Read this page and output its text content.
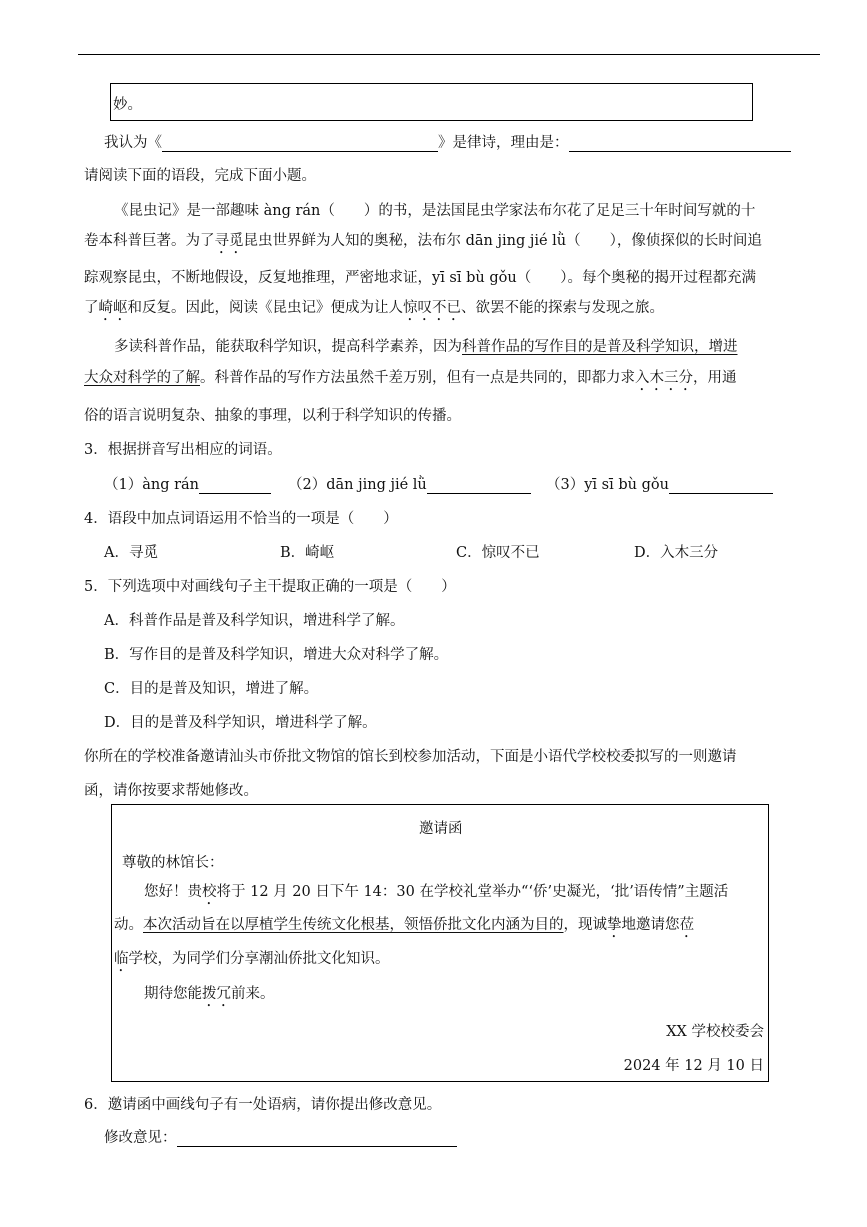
妙。
我认为《	》是律诗，理由是：
请阅读下面的语段，完成下面小题。
《昆虫记》是一部趣味 àng rán（　　）的书，是法国昆虫学家法布尔花了足足三十年时间写就的十
卷本科普巨著。为了寻觅昆虫世界鲜为人知的奥秘，法布尔 dān jing jié lǜ（　　），像侦探似的长时间追
踪观察昆虫，不断地假设，反复地推理，严密地求证，yī sī bù gǒu（　　）。每个奥秘的揭开过程都充满
了崎岖和反复。因此，阅读《昆虫记》便成为让人惊叹不已、欲罢不能的探索与发现之旅。
多读科普作品，能获取科学知识，提高科学素养，因为科普作品的写作目的是普及科学知识，增进
大众对科学的了解。科普作品的写作方法虽然千差万别，但有一点是共同的，即都力求入木三分，用通
俗的语言说明复杂、抽象的事理，以利于科学知识的传播。
3．根据拼音写出相应的词语。
（1）àng rán	（2）dān jing jié lǜ	（3）yī sī bù gǒu
4．语段中加点词语运用不恰当的一项是（　　）
A．寻觅	B．崎岖	C．惊叹不已	D．入木三分
5．下列选项中对画线句子主干提取正确的一项是（　　）
A．科普作品是普及科学知识，增进科学了解。
B．写作目的是普及科学知识，增进大众对科学了解。
C．目的是普及知识，增进了解。
D．目的是普及科学知识，增进科学了解。
你所在的学校准备邀请汕头市侨批文物馆的馆长到校参加活动，下面是小语代学校校委拟写的一则邀请
函，请你按要求帮她修改。
邀请函
尊敬的林馆长：
您好！贵校将于 12 月 20 日下午 14：30 在学校礼堂举办“‘侨’史凝光，‘批’语传情”主题活
动。本次活动旨在以厚植学生传统文化根基，领悟侨批文化内涵为目的，现诚挚地邀请您莅
临学校，为同学们分享潮汕侨批文化知识。
期待您能拨冗前来。
XX 学校校委会
2024 年 12 月 10 日
6．邀请函中画线句子有一处语病，请你提出修改意见。
修改意见：
